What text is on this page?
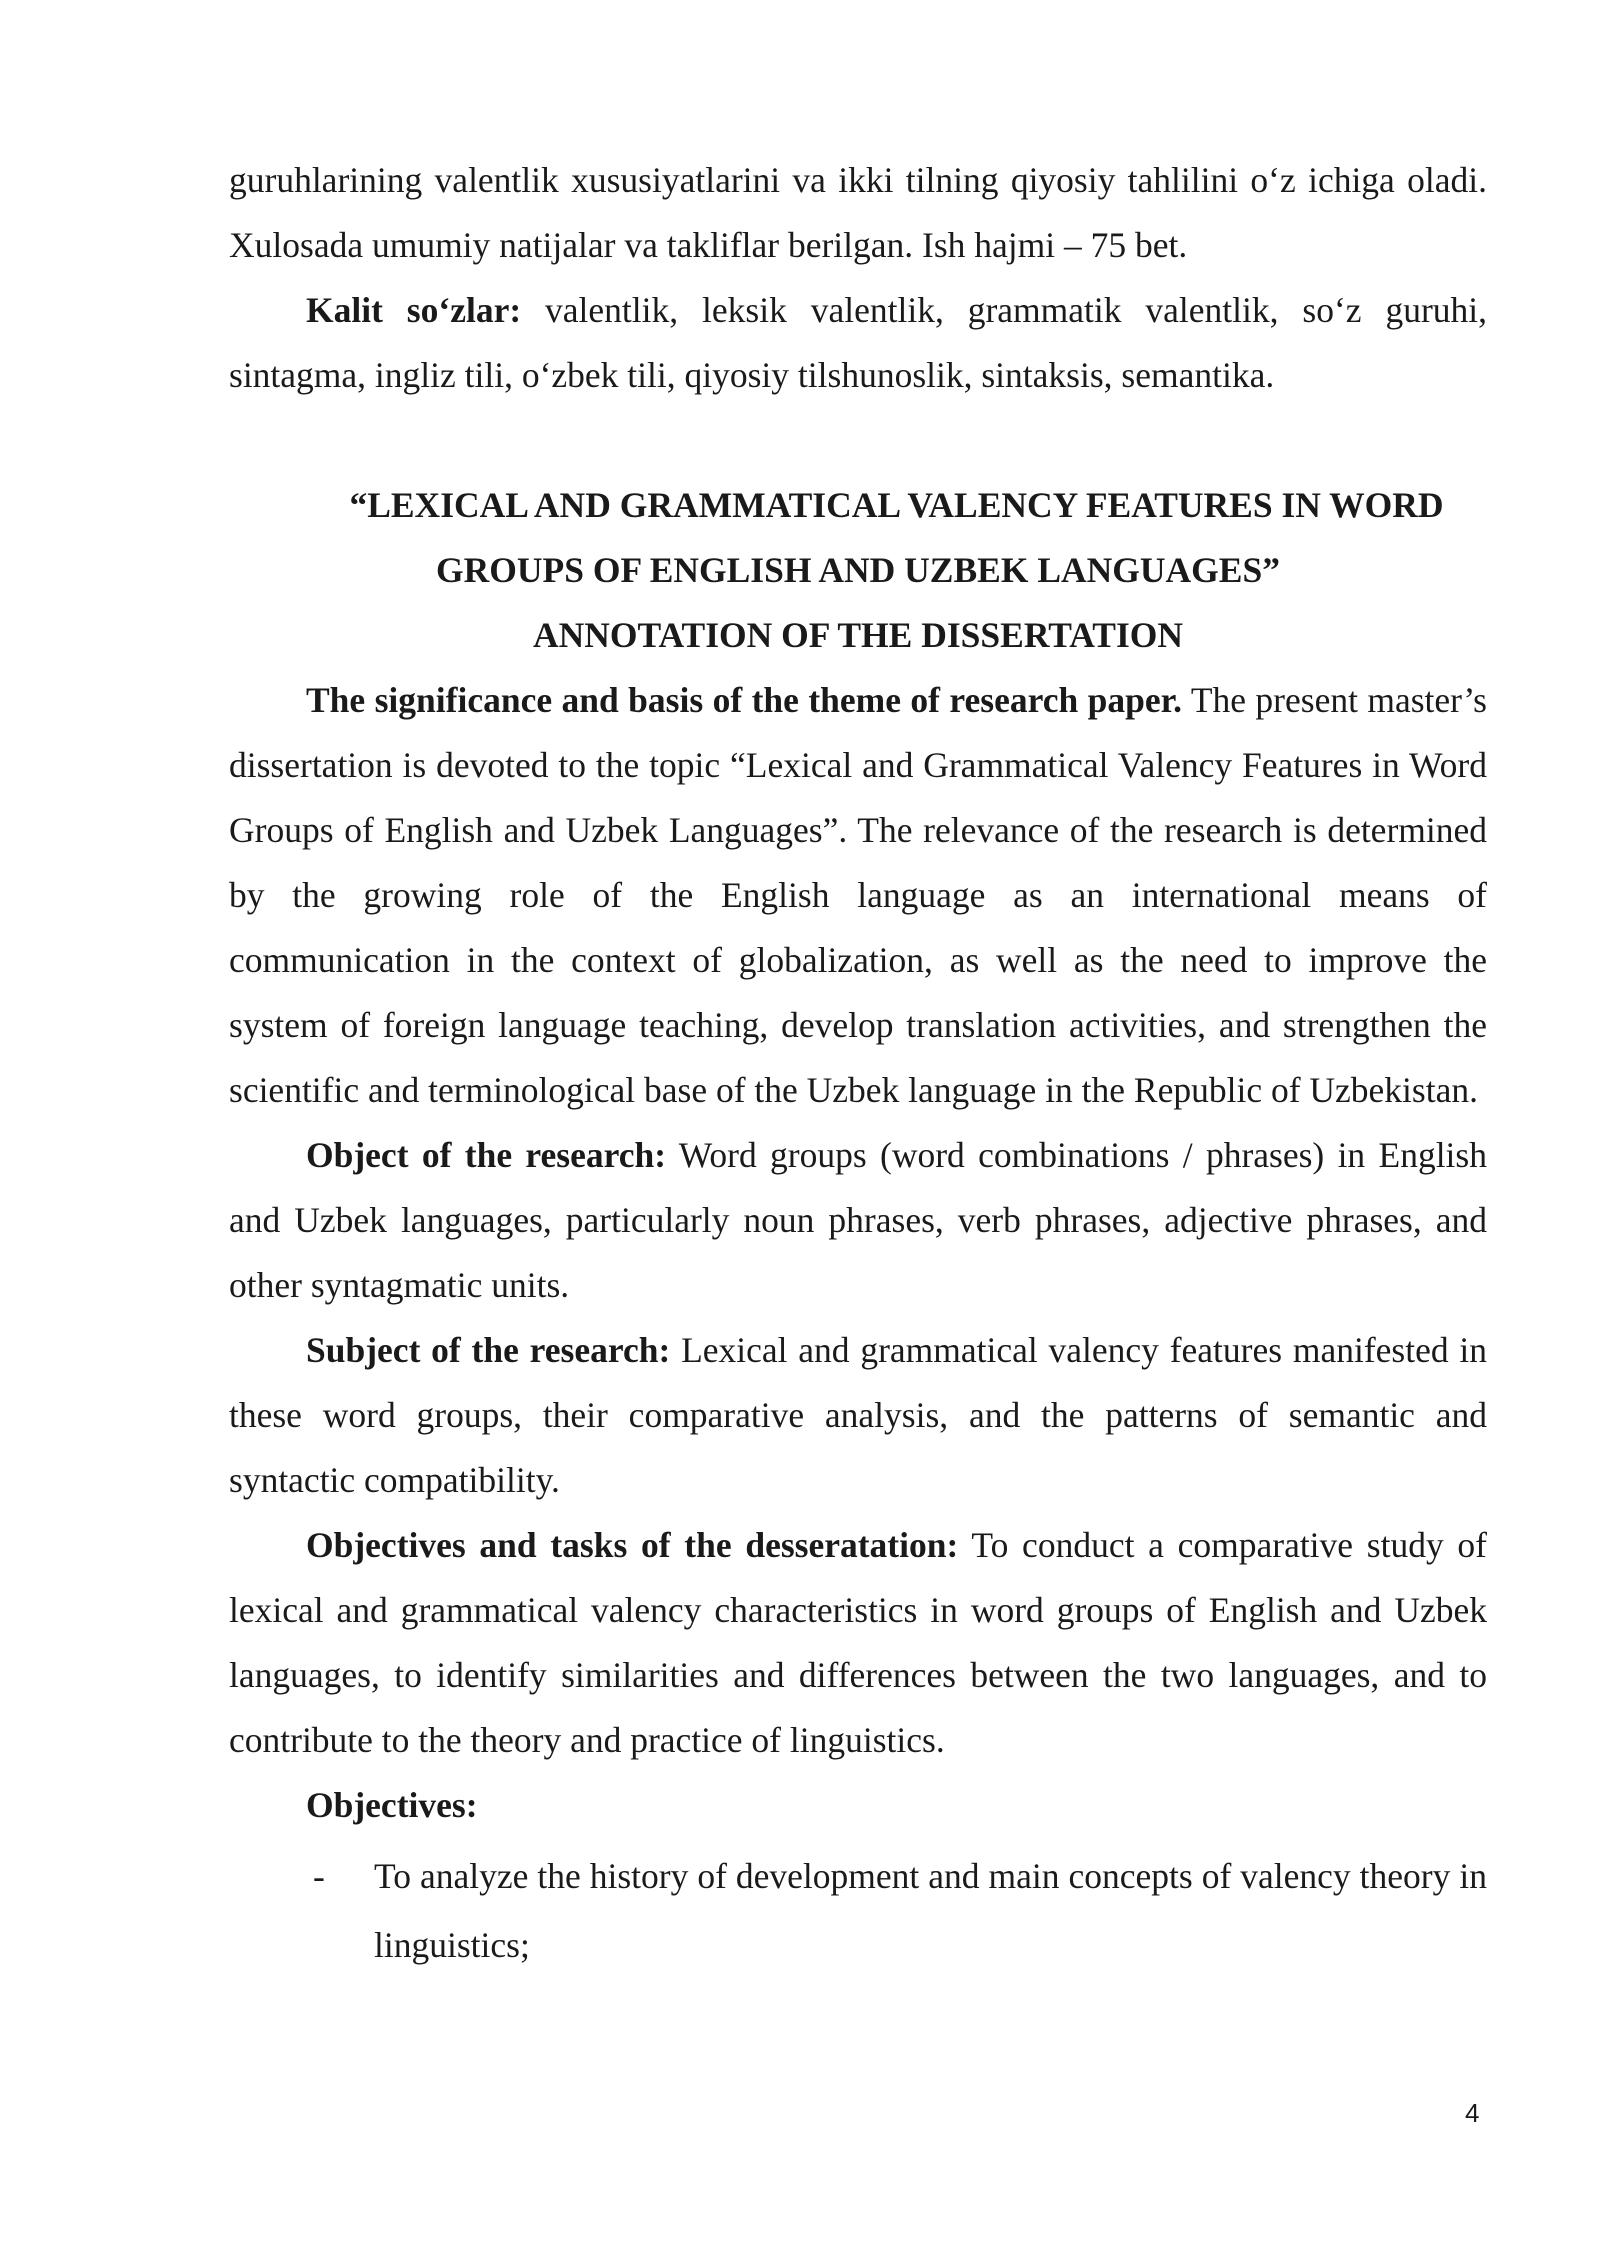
guruhlarining valentlik xususiyatlarini va ikki tilning qiyosiy tahlilini o‘z ichiga oladi. Xulosada umumiy natijalar va takliflar berilgan. Ish hajmi – 75 bet.

Kalit so‘zlar: valentlik, leksik valentlik, grammatik valentlik, so‘z guruhi, sintagma, ingliz tili, o‘zbek tili, qiyosiy tilshunoslik, sintaksis, semantika.

“LEXICAL AND GRAMMATICAL VALENCY FEATURES IN WORD
GROUPS OF ENGLISH AND UZBEK LANGUAGES”
ANNOTATION OF THE DISSERTATION

The significance and basis of the theme of research paper. The present master’s dissertation is devoted to the topic “Lexical and Grammatical Valency Features in Word Groups of English and Uzbek Languages”. The relevance of the research is determined by the growing role of the English language as an international means of communication in the context of globalization, as well as the need to improve the system of foreign language teaching, develop translation activities, and strengthen the scientific and terminological base of the Uzbek language in the Republic of Uzbekistan.

Object of the research: Word groups (word combinations / phrases) in English and Uzbek languages, particularly noun phrases, verb phrases, adjective phrases, and other syntagmatic units.

Subject of the research: Lexical and grammatical valency features manifested in these word groups, their comparative analysis, and the patterns of semantic and syntactic compatibility.

Objectives and tasks of the desseratation: To conduct a comparative study of lexical and grammatical valency characteristics in word groups of English and Uzbek languages, to identify similarities and differences between the two languages, and to contribute to the theory and practice of linguistics.

Objectives:

- To analyze the history of development and main concepts of valency theory in linguistics;
4
